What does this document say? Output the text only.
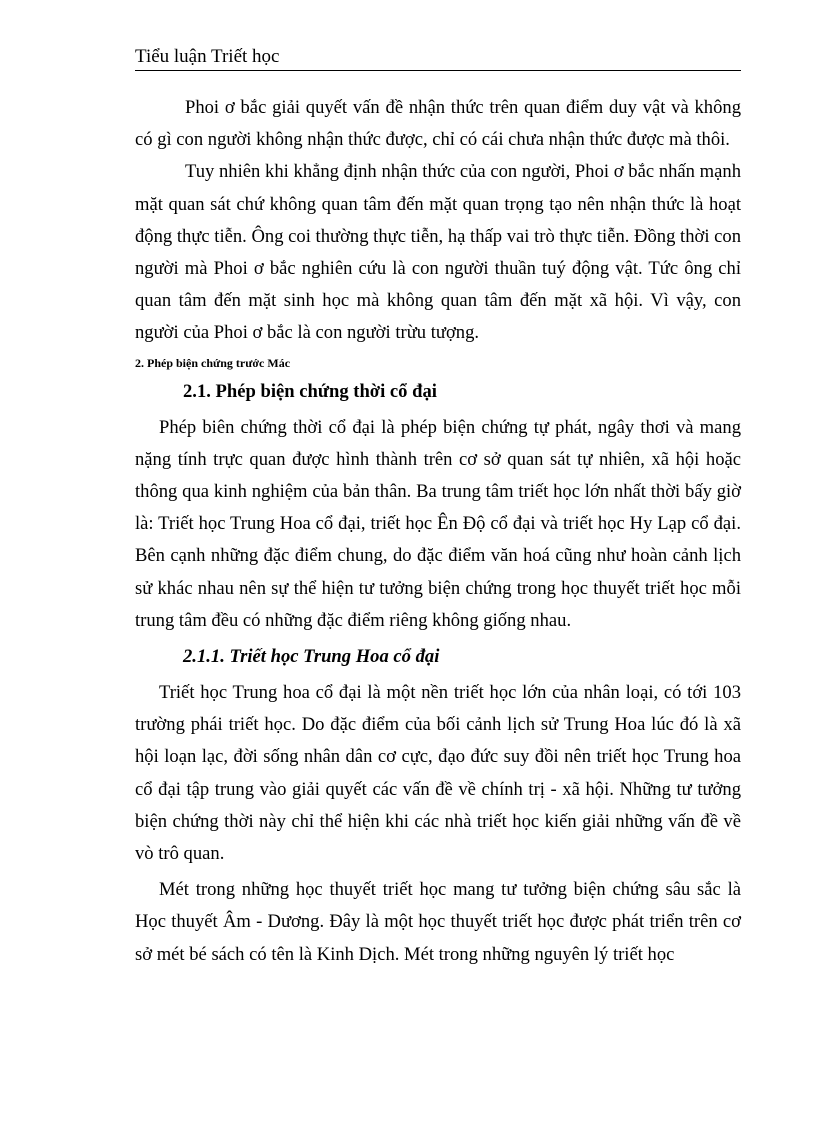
Tiểu luận Triết học

Phoi ơ bắc giải quyết vấn đề nhận thức trên quan điểm duy vật và không có gì con người không nhận thức được, chỉ có cái chưa nhận thức được mà thôi.

Tuy nhiên khi khẳng định nhận thức của con người, Phoi ơ bắc nhấn mạnh mặt quan sát chứ không quan tâm đến mặt quan trọng tạo nên nhận thức là hoạt động thực tiễn. Ông coi thường thực tiễn, hạ thấp vai trò thực tiễn. Đồng thời con người mà Phoi ơ bắc nghiên cứu là con người thuần tuý động vật. Tức ông chỉ quan tâm đến mặt sinh học mà không quan tâm đến mặt xã hội. Vì vậy, con người của Phoi ơ bắc là con người trừu tượng.

2. Phép biện chứng trước Mác
2.1. Phép biện chứng thời cổ đại

Phép biên chứng thời cổ đại là phép biện chứng tự phát, ngây thơi và mang nặng tính trực quan được hình thành trên cơ sở quan sát tự nhiên, xã hội hoặc thông qua kinh nghiệm của bản thân. Ba trung tâm triết học lớn nhất thời bấy giờ là: Triết học Trung Hoa cổ đại, triết học Ên Độ cổ đại và triết học Hy Lạp cổ đại. Bên cạnh những đặc điểm chung, do đặc điểm văn hoá cũng như hoàn cảnh lịch sử khác nhau nên sự thể hiện tư tưởng biện chứng trong học thuyết triết học mỗi trung tâm đều có những đặc điểm riêng không giống nhau.

2.1.1. Triết học Trung Hoa cổ đại

Triết học Trung hoa cổ đại là một nền triết học lớn của nhân loại, có tới 103 trường phái triết học. Do đặc điểm của bối cảnh lịch sử Trung Hoa lúc đó là xã hội loạn lạc, đời sống nhân dân cơ cực, đạo đức suy đồi nên triết học Trung hoa cổ đại tập trung vào giải quyết các vấn đề về chính trị - xã hội. Những tư tưởng biện chứng thời này chỉ thể hiện khi các nhà triết học kiến giải những vấn đề về vò trô quan.

Mét trong những học thuyết triết học mang tư tưởng biện chứng sâu sắc là Học thuyết Âm - Dương. Đây là một học thuyết triết học được phát triển trên cơ sở mét bé sách có tên là Kinh Dịch. Mét trong những nguyên lý triết học
